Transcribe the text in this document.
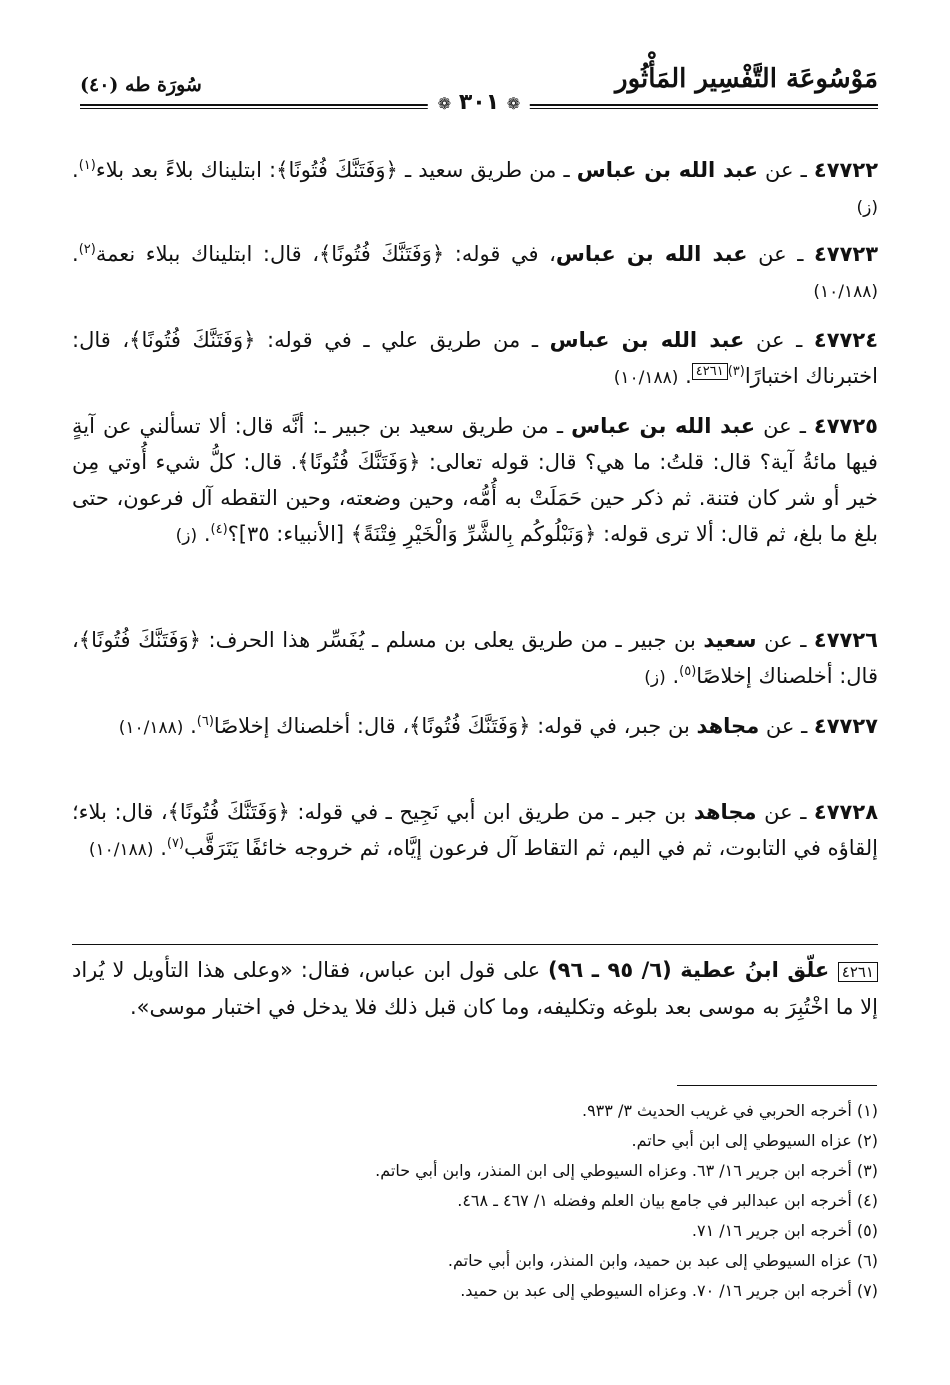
مَوْسُوعَة التَّفْسِير المَأْثُور
سُورَة طه (٤٠)
❁ ٣٠١ ❁
٤٧٧٢٢ ـ عن عبد الله بن عباس ـ من طريق سعيد ـ ﴿وَفَتَنَّكَ فُتُونًا﴾: ابتليناك بلاءً بعد بلاء$^{(١)}$. (ز)
٤٧٧٢٣ ـ عن عبد الله بن عباس، في قوله: ﴿وَفَتَنَّكَ فُتُونًا﴾، قال: ابتليناك ببلاء نعمة$^{(٢)}$. (١٠/١٨٨)
٤٧٧٢٤ ـ عن عبد الله بن عباس ـ من طريق علي ـ في قوله: ﴿وَفَتَنَّكَ فُتُونًا﴾، قال: اختبرناك اختبارًا$^{(٣)}$٤٢٦١. (١٠/١٨٨)
٤٧٧٢٥ ـ عن عبد الله بن عباس ـ من طريق سعيد بن جبير ـ: أنَّه قال: ألا تسألني عن آيةٍ فيها مائةُ آية؟ قال: قلتُ: ما هي؟ قال: قوله تعالى: ﴿وَفَتَنَّكَ فُتُونًا﴾. قال: كلُّ شيء أُوتي مِن خير أو شر كان فتنة. ثم ذكر حين حَمَلَتْ به أُمُّه، وحين وضعته، وحين التقطه آل فرعون، حتى بلغ ما بلغ، ثم قال: ألا ترى قوله: ﴿وَنَبْلُوكُم بِالشَّرِّ وَالْخَيْرِ فِتْنَةً﴾ [الأنبياء: ٣٥]؟$^{(٤)}$. (ز)
٤٧٧٢٦ ـ عن سعيد بن جبير ـ من طريق يعلى بن مسلم ـ يُفَسِّر هذا الحرف: ﴿وَفَتَنَّكَ فُتُونًا﴾، قال: أخلصناك إخلاصًا$^{(٥)}$. (ز)
٤٧٧٢٧ ـ عن مجاهد بن جبر، في قوله: ﴿وَفَتَنَّكَ فُتُونًا﴾، قال: أخلصناك إخلاصًا$^{(٦)}$. (١٠/١٨٨)
٤٧٧٢٨ ـ عن مجاهد بن جبر ـ من طريق ابن أبي نَجِيح ـ في قوله: ﴿وَفَتَنَّكَ فُتُونًا﴾، قال: بلاء؛ إلقاؤه في التابوت، ثم في اليم، ثم التقاط آل فرعون إيَّاه، ثم خروجه خائفًا يَتَرَقَّب$^{(٧)}$. (١٠/١٨٨)
٤٢٦١ علّق ابنُ عطية (٦/ ٩٥ ـ ٩٦) على قول ابن عباس، فقال: «وعلى هذا التأويل لا يُراد إلا ما اخْتُبِرَ به موسى بعد بلوغه وتكليفه، وما كان قبل ذلك فلا يدخل في اختبار موسى».
(١) أخرجه الحربي في غريب الحديث ٣/ ٩٣٣.
(٢) عزاه السيوطي إلى ابن أبي حاتم.
(٣) أخرجه ابن جرير ١٦/ ٦٣. وعزاه السيوطي إلى ابن المنذر، وابن أبي حاتم.
(٤) أخرجه ابن عبدالبر في جامع بيان العلم وفضله ١/ ٤٦٧ ـ ٤٦٨.
(٥) أخرجه ابن جرير ١٦/ ٧١.
(٦) عزاه السيوطي إلى عبد بن حميد، وابن المنذر، وابن أبي حاتم.
(٧) أخرجه ابن جرير ١٦/ ٧٠. وعزاه السيوطي إلى عبد بن حميد.
